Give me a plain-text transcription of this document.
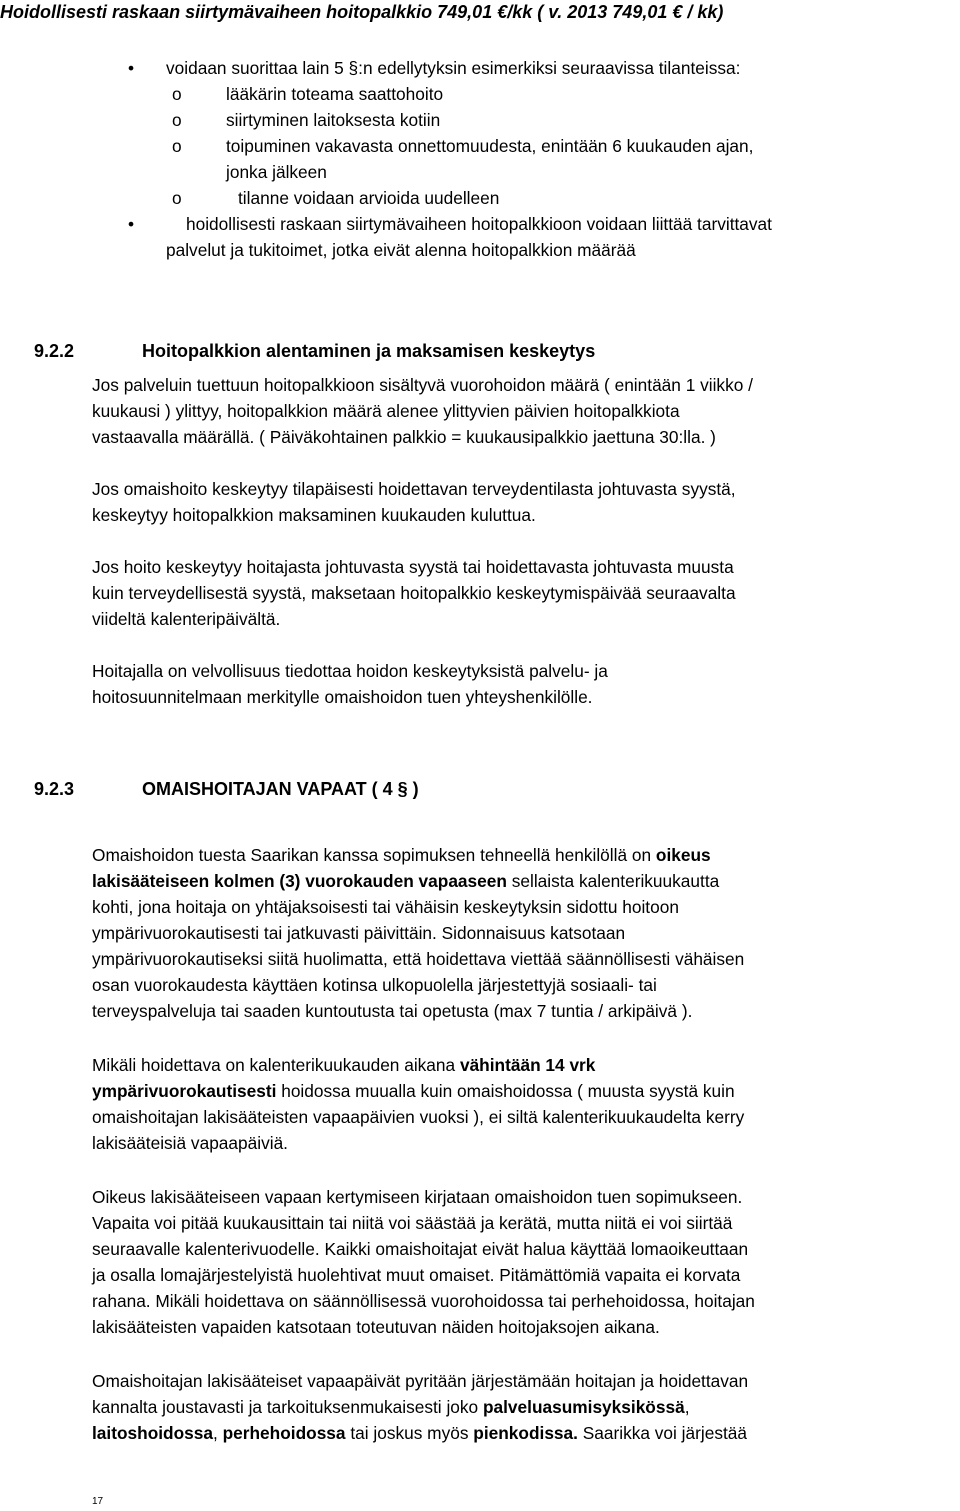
Hoidollisesti raskaan siirtymävaiheen hoitopalkkio 749,01 €/kk ( v. 2013 749,01 € / kk)
• voidaan suorittaa lain 5 §:n edellytyksin esimerkiksi seuraavissa tilanteissa:
o	lääkärin toteama saattohoito
o	siirtyminen laitoksesta kotiin
o	toipuminen vakavasta onnettomuudesta, enintään 6 kuukauden ajan,
jonka jälkeen
o	tilanne voidaan arvioida uudelleen
•	hoidollisesti raskaan siirtymävaiheen hoitopalkkioon voidaan liittää tarvittavat
palvelut ja tukitoimet, jotka eivät alenna hoitopalkkion määrää
9.2.2	Hoitopalkkion alentaminen ja maksamisen keskeytys
Jos palveluin tuettuun hoitopalkkioon sisältyvä vuorohoidon määrä ( enintään 1 viikko /
kuukausi ) ylittyy, hoitopalkkion määrä alenee ylittyvien päivien hoitopalkkiota
vastaavalla määrällä. ( Päiväkohtainen palkkio = kuukausipalkkio jaettuna 30:lla. )
Jos omaishoito keskeytyy tilapäisesti hoidettavan terveydentilasta johtuvasta syystä,
keskeytyy hoitopalkkion maksaminen kuukauden kuluttua.
Jos hoito keskeytyy hoitajasta johtuvasta syystä tai hoidettavasta johtuvasta muusta
kuin terveydellisestä syystä, maksetaan hoitopalkkio keskeytymispäivää seuraavalta
viideltä kalenteripäivältä.
Hoitajalla on velvollisuus tiedottaa hoidon keskeytyksistä palvelu- ja
hoitosuunnitelmaan merkitylle omaishoidon tuen yhteyshenkilölle.
9.2.3	OMAISHOITAJAN VAPAAT ( 4 § )
Omaishoidon tuesta Saarikan kanssa sopimuksen tehneellä henkilöllä on oikeus
lakisääteiseen kolmen (3) vuorokauden vapaaseen sellaista kalenterikuukautta
kohti, jona hoitaja on yhtäjaksoisesti tai vähäisin keskeytyksin sidottu hoitoon
ympärivuorokautisesti tai jatkuvasti päivittäin. Sidonnaisuus katsotaan
ympärivuorokautiseksi siitä huolimatta, että hoidettava viettää säännöllisesti vähäisen
osan vuorokaudesta käyttäen kotinsa ulkopuolella järjestettyjä sosiaali- tai
terveyspalveluja tai saaden kuntoutusta tai opetusta (max 7 tuntia / arkipäivä ).
Mikäli hoidettava on kalenterikuukauden aikana vähintään 14 vrk
ympärivuorokautisesti hoidossa muualla kuin omaishoidossa ( muusta syystä kuin
omaishoitajan lakisääteisten vapaapäivien vuoksi ), ei siltä kalenterikuukaudelta kerry
lakisääteisiä vapaapäiviä.
Oikeus lakisääteiseen vapaan kertymiseen kirjataan omaishoidon tuen sopimukseen.
Vapaita voi pitää kuukausittain tai niitä voi säästää ja kerätä, mutta niitä ei voi siirtää
seuraavalle kalenterivuodelle. Kaikki omaishoitajat eivät halua käyttää lomaoikeuttaan
ja osalla lomajärjestelyistä huolehtivat muut omaiset. Pitämättömiä vapaita ei korvata
rahana. Mikäli hoidettava on säännöllisessä vuorohoidossa tai perhehoidossa, hoitajan
lakisääteisten vapaiden katsotaan toteutuvan näiden hoitojaksojen aikana.
Omaishoitajan lakisääteiset vapaapäivät pyritään järjestämään hoitajan ja hoidettavan
kannalta joustavasti ja tarkoituksenmukaisesti joko palveluasumisyksikössä,
laitoshoidossa, perhehoidossa tai joskus myös pienkodissa. Saarikka voi järjestää
17
